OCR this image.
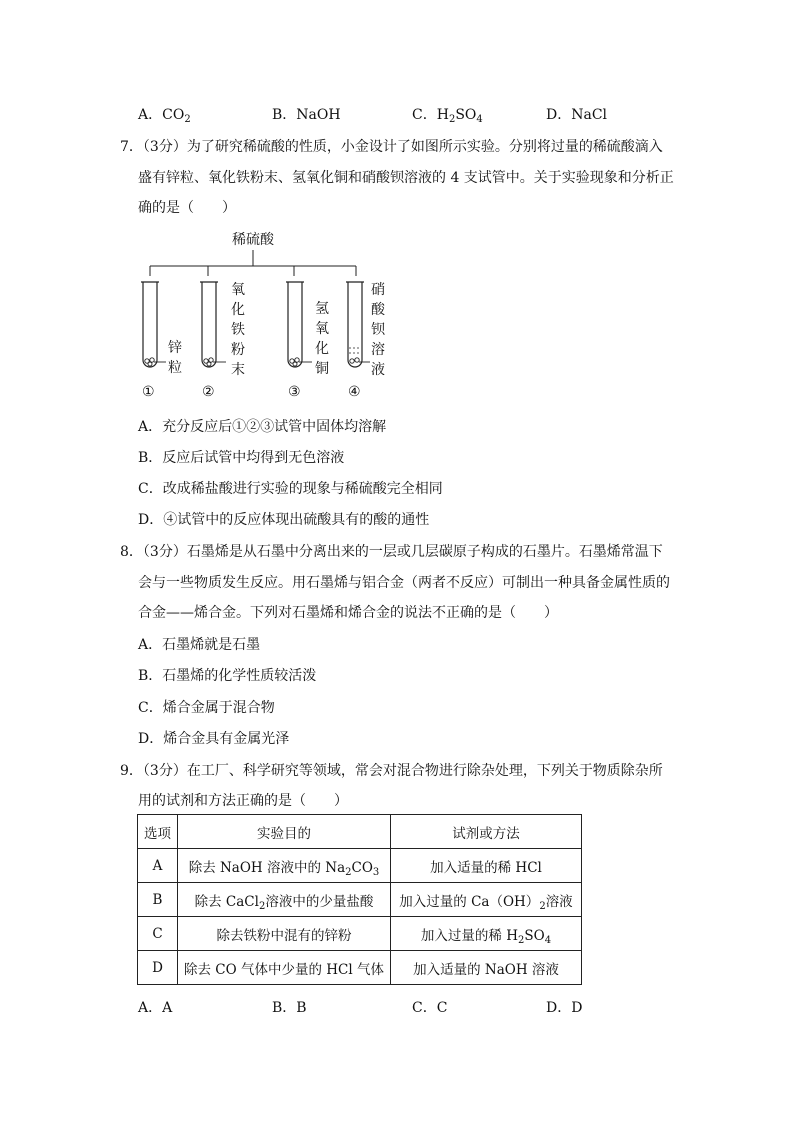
A．$CO_2$	B．NaOH	C．$H_2SO_4$	D．NaCl
7．（3分）为了研究稀硫酸的性质，小金设计了如图所示实验。分别将过量的稀硫酸滴入
盛有锌粒、氧化铁粉末、氢氧化铜和硝酸钡溶液的 4 支试管中。关于实验现象和分析正
确的是（　　）
稀硫酸
锌粒
氧化铁粉末
氢氧化铜
硝酸钡溶液
①	②	③	④
A．充分反应后①②③试管中固体均溶解
B．反应后试管中均得到无色溶液
C．改成稀盐酸进行实验的现象与稀硫酸完全相同
D．④试管中的反应体现出硫酸具有的酸的通性
8．（3分）石墨烯是从石墨中分离出来的一层或几层碳原子构成的石墨片。石墨烯常温下
会与一些物质发生反应。用石墨烯与铝合金（两者不反应）可制出一种具备金属性质的
合金——烯合金。下列对石墨烯和烯合金的说法不正确的是（　　）
A．石墨烯就是石墨
B．石墨烯的化学性质较活泼
C．烯合金属于混合物
D．烯合金具有金属光泽
9．（3分）在工厂、科学研究等领域，常会对混合物进行除杂处理，下列关于物质除杂所
用的试剂和方法正确的是（　　）
选项	实验目的	试剂或方法
A	除去 NaOH 溶液中的 $Na_2CO_3$	加入适量的稀 HCl
B	除去 CaCl$_2$溶液中的少量盐酸	加入过量的 $Ca(OH)_2$溶液
C	除去铁粉中混有的锌粉	加入过量的稀 $H_2SO_4$
D	除去 CO 气体中少量的 HCl 气体	加入适量的 NaOH 溶液
A．A	B．B	C．C	D．D
